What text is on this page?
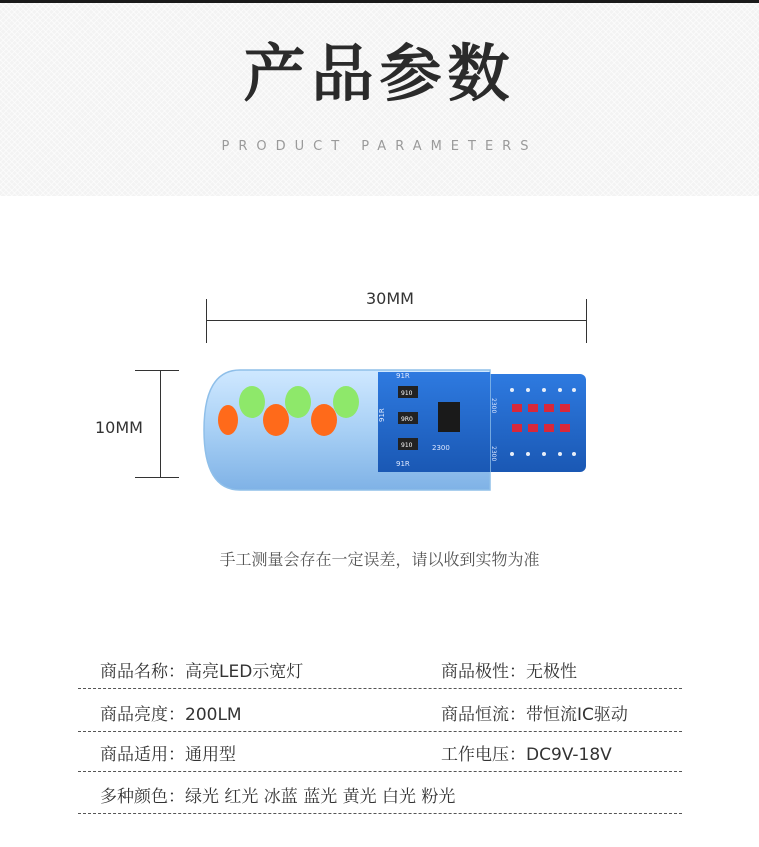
产品参数
PRODUCT PARAMETERS
30MM
10MM
91R
910
9R0
910
91R
91R
2300
2300
2300
手工测量会存在一定误差，请以收到实物为准
商品名称：高亮LED示宽灯	商品极性：无极性
商品亮度：200LM	商品恒流：带恒流IC驱动
商品适用：通用型	工作电压：DC9V-18V
多种颜色：绿光 红光 冰蓝 蓝光 黄光 白光 粉光
